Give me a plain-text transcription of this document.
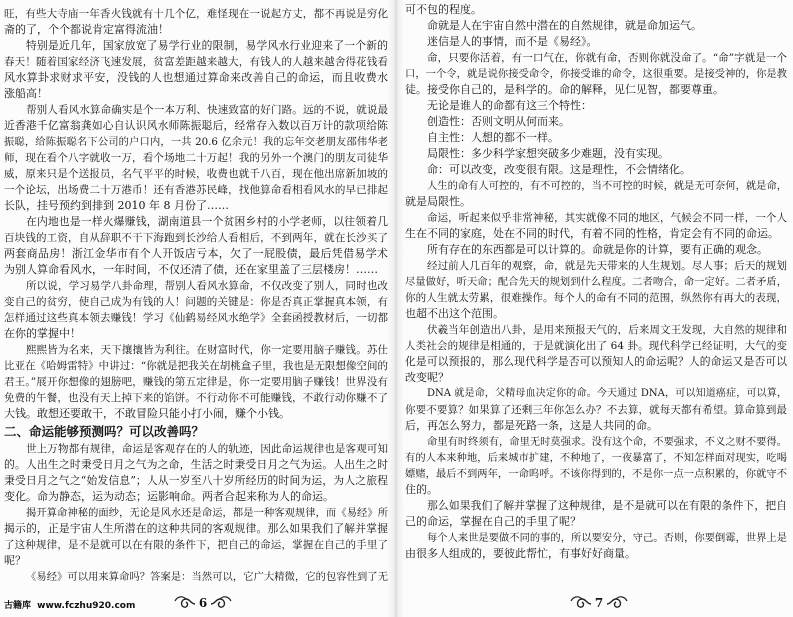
旺，有些大寺庙一年香火钱就有十几个亿，难怪现在一说起方丈，都不再说是穷化
斋的了，个个都说肯定富得流油！
特别是近几年，国家放宽了易学行业的限制，易学风水行业迎来了一个新的
春天！随着国家经济飞速发展，贫富差距越来越大，有钱人的人越来越舍得花钱看
风水算卦求财求平安，没钱的人也想通过算命来改善自己的命运，而且收费水
涨船高！
帮别人看风水算命确实是个一本万利、快速致富的好门路。远的不说，就说最
近香港千亿富翁龚如心自认识风水师陈振聪后，经常存入数以百万计的款项给陈
振聪，给陈振聪名下公司的户口内，一共 20.6 亿余元！我的忘年交老朋友邵伟华老
师，现在看个八字就收一万，看个场地二十万起！我的另外一个澳门的朋友司徒华
威，原来只是个送报员，名气平平的时候，收费也就千八百，现在他出席新加坡的
一个论坛，出场费二十万港币！还有香港苏民峰，找他算命看相看风水的早已排起
长队，挂号预约到排到 2010 年 8 月份了……
在内地也是一样火爆赚钱，湖南道县一个贫困乡村的小学老师，以往领着几
百块钱的工资，自从辞职不干下海跑到长沙给人看相后，不到两年，就在长沙买了
两套商品房！浙江金华市有个人开饭店亏本，欠了一屁股债，最后凭借易学术
为别人算命看风水，一年时间，不仅还清了债，还在家里盖了三层楼房！……
所以说，学习易学八卦命理，帮别人看风水算命，不仅改变了别人，同时也改
变自己的贫穷，使自己成为有钱的人！问题的关键是：你是否真正掌握真本领，有
怎样通过这些真本领去赚钱！学习《仙鹤易经风水绝学》全套函授教材后，一切都
在你的掌握中！
熙熙皆为名来，天下攘攘皆为利往。在财富时代，你一定要用脑子赚钱。苏仕
比亚在《哈姆雷特》中讲过：“你就是把我关在胡桃盒子里，我也是无限想像空间的
君王。”展开你想像的翅膀吧，赚钱的第五定律是，你一定要用脑子赚钱！世界没有
免费的午餐，也没有天上掉下来的馅饼。不行动你不可能赚钱，不敢行动你赚不了
大钱。敢想还要敢干，不敢冒险只能小打小闹，赚个小钱。
二、命运能够预测吗？可以改善吗？
世上万物都有规律，命运是客观存在的人的轨迹，因此命运规律也是客观可知
的。人出生之时秉受日月之气为之命，生活之时秉受日月之气为运。人出生之时
秉受日月之气之“始发信息”；人从一岁至八十岁所经历的时间为运，为人之旅程
变化。命为静态，运为动态；运影响命。两者合起来称为人的命运。
揭开算命神秘的面纱，无论是风水还是命运，都是一种客观规律，而《易经》所
揭示的，正是宇宙人生所潜在的这种共同的客观规律。那么如果我们了解并掌握
了这种规律，是不是就可以在有限的条件下，把自己的命运，掌握在自己的手里了
呢？
《易经》可以用来算命吗？答案是：当然可以，它广大精微，它的包容性到了无
古籍库 www.fczhu920.com	6
可不包的程度。
命就是人在宇宙自然中潜在的自然规律，就是命加运气。
迷信是人的事情，而不是《易经》。
命，只要你活着，有一口气在，你就有命，否则你就没命了。“命”字就是一个
口，一个令，就是说你接受命令，你接受谁的命令，这很重要。是接受神的，你是教
徒。接受你自己的，是科学的。命的解释，见仁见智，都要尊重。
无论是谁人的命都有这三个特性：
创造性：否则文明从何而来。
自主性：人想的都不一样。
局限性：多少科学家想突破多少难题，没有实现。
命：可以改变，改变很有限。这是理性，不会情绪化。
人生的命有人可控的，有不可控的，当不可控的时候，就是无可奈何，就是命，
就是局限性。
命运，听起来似乎非常神秘，其实就像不同的地区，气候会不同一样，一个人
生在不同的家庭，处在不同的时代，有着不同的性格，肯定会有不同的命运。
所有存在的东西都是可以计算的。命就是你的计算，要有正确的观念。
经过前人几百年的观察，命，就是先天带来的人生规划。尽人事；后天的规划
尽量做好，听天命；配合先天的规划到什么程度。二者吻合，命一定好。二者矛盾，
你的人生就太劳累，很难操作。每个人的命有不同的范围，纵然你有再大的表现，
也超不出这个范围。
伏羲当年创造出八卦，是用来预报天气的，后来周文王发现，大自然的规律和
人类社会的规律是相通的，于是就演化出了 64 卦。现代科学已经证明，大气的变
化是可以预报的，那么现代科学是否可以预知人的命运呢？人的命运又是否可以
改变呢？
DNA 就是命，父精母血决定你的命。今天通过 DNA，可以知道癌症，可以算，
你要不要算？如果算了还剩三年你怎么办？不去算，就每天都有希望。算命算到最
后，再怎么努力，都是死路一条，这是人共同的命。
命里有时终须有，命里无时莫强求。没有这个命，不要强求，不义之财不要得。
有的人本来种地，后来城市扩建，不种地了，一夜暴富了，不知怎样面对现实，吃喝
嫖赌，最后不到两年，一命呜呼。不该你得到的，不是你一点一点积累的，你就守不
住的。
那么如果我们了解并掌握了这种规律，是不是就可以在有限的条件下，把自
己的命运，掌握在自己的手里了呢？
每个人来世是要做不同的事的，所以要安分，守己。否则，你要倒霉，世界上是
由很多人组成的，要彼此帮忙，有事好好商量。
7
